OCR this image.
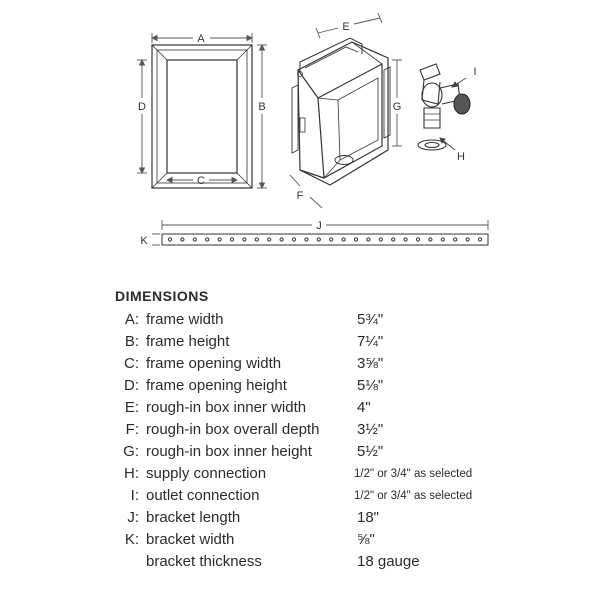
A
B
C
D
E
F
G
I
H
J
K
DIMENSIONS
A: frame width	5¾"
B: frame height	7¼"
C: frame opening width	3⅝"
D: frame opening height	5⅛"
E: rough-in box inner width	4"
F: rough-in box overall depth	3½"
G: rough-in box inner height	5½"
H: supply connection	1/2" or 3/4" as selected
I: outlet connection	1/2" or 3/4" as selected
J: bracket length	18"
K: bracket width	⅝"
bracket thickness	18 gauge
